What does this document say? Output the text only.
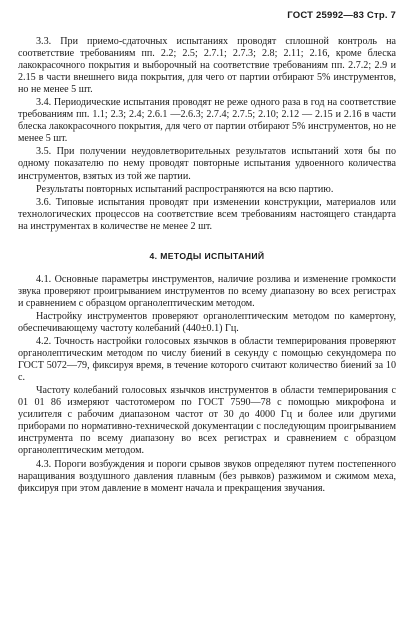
ГОСТ 25992—83 Стр. 7

3.3. При приемо-сдаточных испытаниях проводят сплошной контроль на соответствие требованиям пп. 2.2; 2.5; 2.7.1; 2.7.3; 2.8; 2.11; 2.16, кроме блеска лакокрасочного покрытия и выборочный на соответствие требованиям пп. 2.7.2; 2.9 и 2.15 в части внешнего вида покрытия, для чего от партии отбирают 5% инструментов, но не менее 5 шт.

3.4. Периодические испытания проводят не реже одного раза в год на соответствие требованиям пп. 1.1; 2.3; 2.4; 2.6.1 —2.6.3; 2.7.4; 2.7.5; 2.10; 2.12 — 2.15 и 2.16 в части блеска лакокрасочного покрытия, для чего от партии отбирают 5% инструментов, но не менее 5 шт.

3.5. При получении неудовлетворительных результатов испытаний хотя бы по одному показателю по нему проводят повторные испытания удвоенного количества инструментов, взятых из той же партии.

Результаты повторных испытаний распространяются на всю партию.

3.6. Типовые испытания проводят при изменении конструкции, материалов или технологических процессов на соответствие всем требованиям настоящего стандарта на инструментах в количестве не менее 2 шт.

4. МЕТОДЫ ИСПЫТАНИЙ

4.1. Основные параметры инструментов, наличие розлива и изменение громкости звука проверяют проигрыванием инструментов по всему диапазону во всех регистрах и сравнением с образцом органолептическим методом.

Настройку инструментов проверяют органолептическим методом по камертону, обеспечивающему частоту колебаний (440±0.1) Гц.

4.2. Точность настройки голосовых язычков в области темперирования проверяют органолептическим методом по числу биений в секунду с помощью секундомера по ГОСТ 5072—79, фиксируя время, в течение которого считают количество биений за 10 с.

Частоту колебаний голосовых язычков инструментов в области темперирования с 01 01 86 измеряют частотомером по ГОСТ 7590—78 с помощью микрофона и усилителя с рабочим диапазоном частот от 30 до 4000 Гц и более или другими приборами по нормативно-технической документации с последующим проигрыванием инструмента по всему диапазону во всех регистрах и сравнением с образцом органолептическим методом.

4.3. Пороги возбуждения и пороги срывов звуков определяют путем постепенного наращивания воздушного давления плавным (без рывков) разжимом и сжимом меха, фиксируя при этом давление в момент начала и прекращения звучания.
